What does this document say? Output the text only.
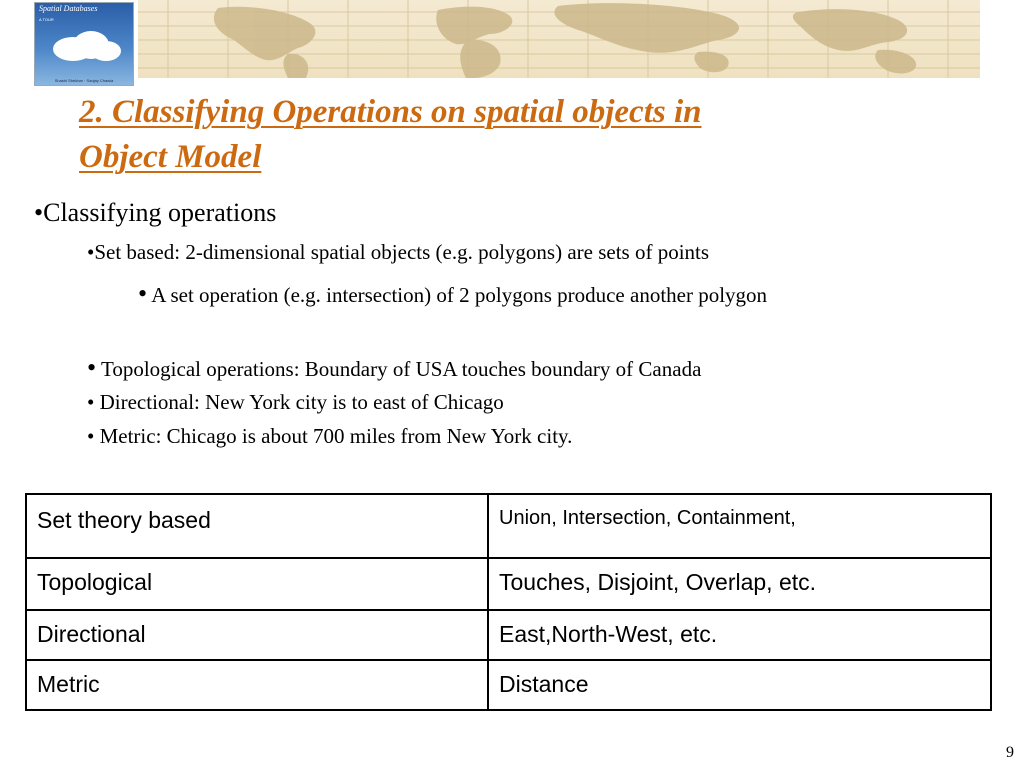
Spatial Databases
A TOUR
Shashi Shekhar · Sanjay Chawla
2. Classifying Operations on spatial objects in
Object Model
•Classifying operations
•Set based: 2-dimensional spatial objects (e.g. polygons) are sets of points
• A set operation (e.g. intersection) of 2 polygons produce another polygon
• Topological operations: Boundary of USA touches boundary of Canada
• Directional: New York city is to east of Chicago
• Metric: Chicago is about 700 miles from New York city.
Set theory based	Union, Intersection, Containment,
Topological	Touches, Disjoint, Overlap, etc.
Directional	East,North-West, etc.
Metric	Distance
9
